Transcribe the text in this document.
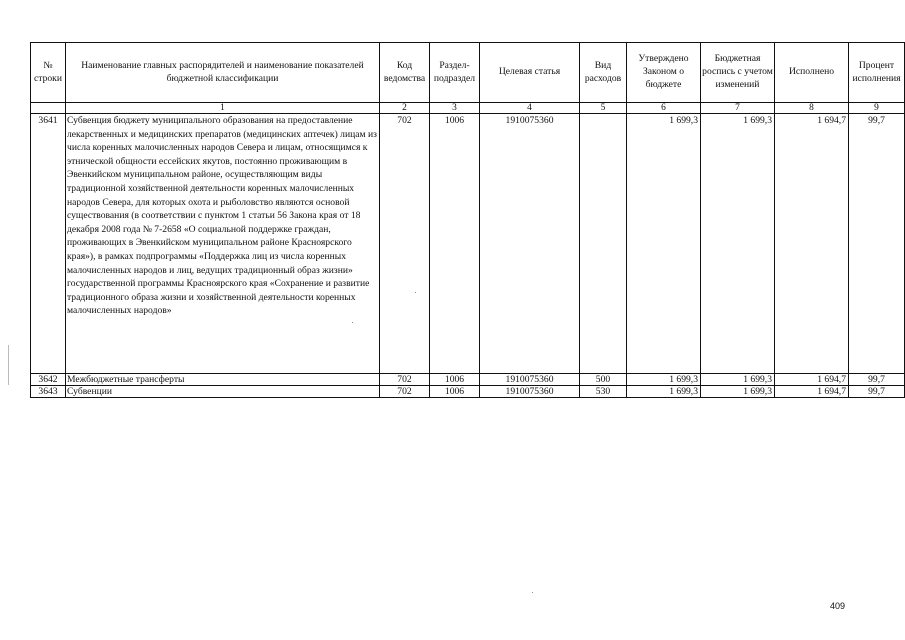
№ строки	Наименование главных распорядителей и наименование показателей бюджетной классификации	Код ведомства	Раздел-подраздел	Целевая статья	Вид расходов	Утверждено Законом о бюджете	Бюджетная роспись с учетом изменений	Исполнено	Процент исполнения
	1	2	3	4	5	6	7	8	9
3641	Субвенция бюджету муниципального образования на предоставление лекарственных и медицинских препаратов (медицинских аптечек) лицам из числа коренных малочисленных народов Севера и лицам, относящимся к этнической общности ессейских якутов, постоянно проживающим в Эвенкийском муниципальном районе, осуществляющим виды традиционной хозяйственной деятельности коренных малочисленных народов Севера, для которых охота и рыболовство являются основой существования (в соответствии с пунктом 1 статьи 56 Закона края от 18 декабря 2008 года № 7-2658 «О социальной поддержке граждан, проживающих в Эвенкийском муниципальном районе Красноярского края»), в рамках подпрограммы «Поддержка лиц из числа коренных малочисленных народов и лиц, ведущих традиционный образ жизни» государственной программы Красноярского края «Сохранение и развитие традиционного образа жизни и хозяйственной деятельности коренных малочисленных народов»	702	1006	1910075360		1 699,3	1 699,3	1 694,7	99,7
3642	Межбюджетные трансферты	702	1006	1910075360	500	1 699,3	1 699,3	1 694,7	99,7
3643	Субвенции	702	1006	1910075360	530	1 699,3	1 699,3	1 694,7	99,7
409
